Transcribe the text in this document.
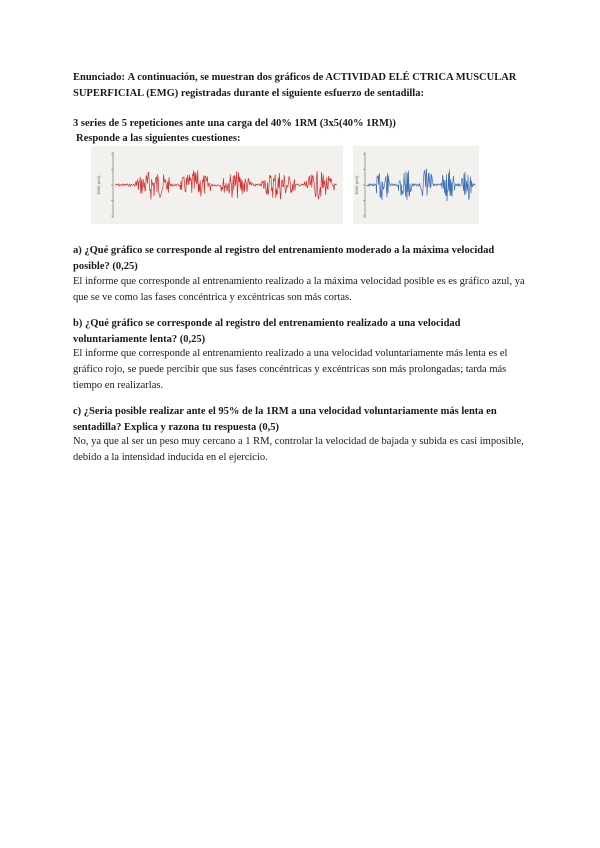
Enunciado: A continuación, se muestran dos gráficos de ACTIVIDAD ELÉ CTRICA MUSCULAR SUPERFICIAL (EMG) registradas durante el siguiente esfuerzo de sentadilla:

3 series de 5 repeticiones ante una carga del 40% 1RM (3x5(40% 1RM))

Responde a las siguientes cuestiones:

EMG (mV)	EMG (mV)

a) ¿Qué gráfico se corresponde al registro del entrenamiento moderado a la máxima velocidad posible? (0,25)

El informe que corresponde al entrenamiento realizado a la máxima velocidad posible es es gráfico azul, ya que se ve como las fases concéntrica y excéntricas son más cortas.

b) ¿Qué gráfico se corresponde al registro del entrenamiento realizado a una velocidad voluntariamente lenta? (0,25)

El informe que corresponde al entrenamiento realizado a una velocidad voluntariamente más lenta es el gráfico rojo, se puede percibir que sus fases concéntricas y excéntricas son más prolongadas; tarda más tiempo en realizarlas.

c) ¿Sería posible realizar ante el 95% de la 1RM a una velocidad voluntariamente más lenta en sentadilla? Explica y razona tu respuesta (0,5)

No, ya que al ser un peso muy cercano a 1 RM, controlar la velocidad de bajada y subida es casi imposible, debido a la intensidad inducida en el ejercicio.
